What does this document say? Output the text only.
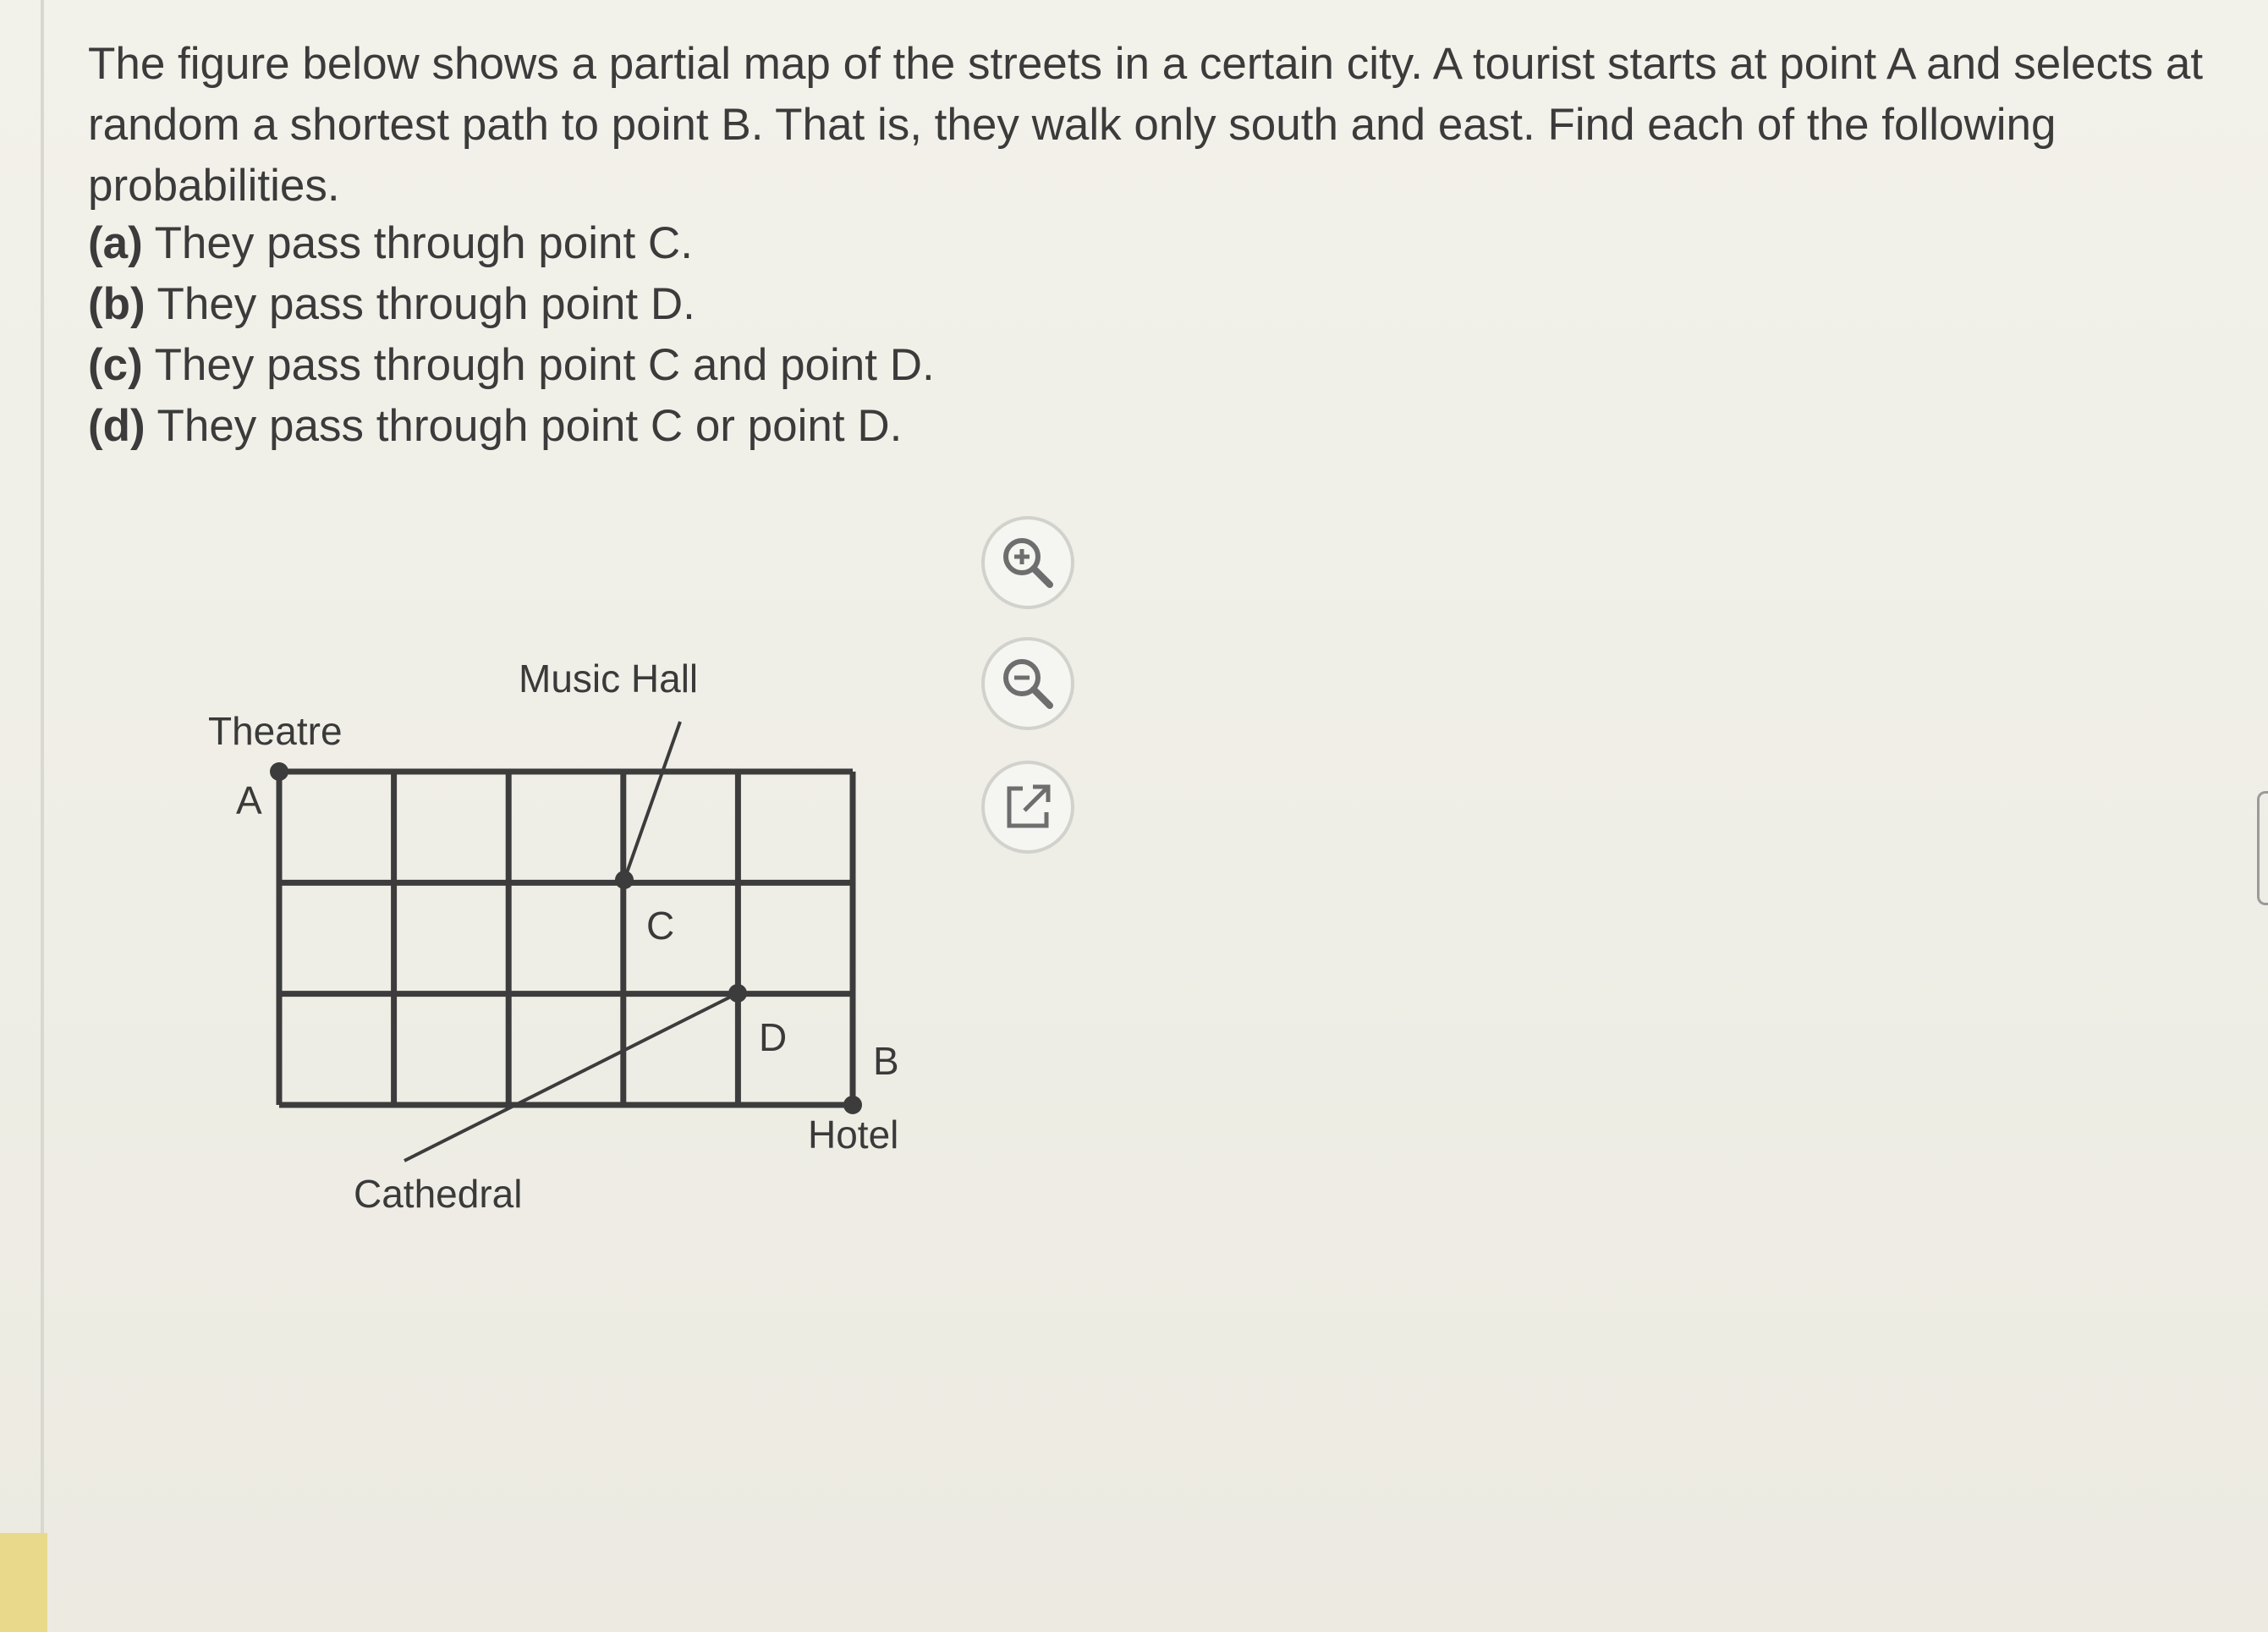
The figure below shows a partial map of the streets in a certain city. A tourist starts at point A and selects at random a shortest path to point B. That is, they walk only south and east. Find each of the following probabilities.

(a) They pass through point C.
(b) They pass through point D.
(c) They pass through point C and point D.
(d) They pass through point C or point D.
Music Hall
Theatre
A
C
D
B
Hotel
Cathedral
